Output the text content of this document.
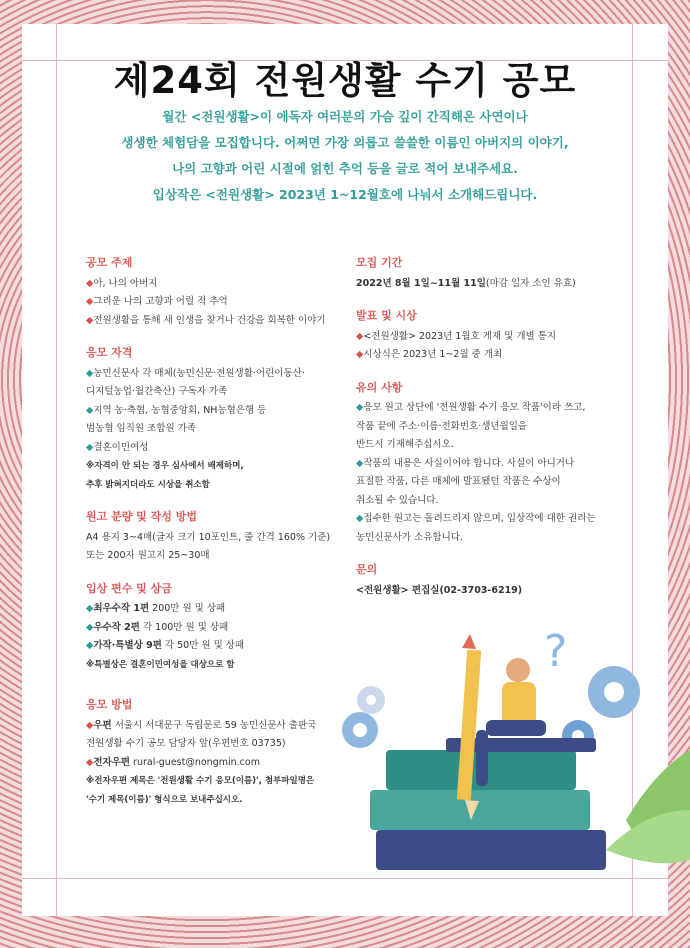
제24회 전원생활 수기 공모
월간 <전원생활>이 애독자 여러분의 가슴 깊이 간직해온 사연이나
생생한 체험담을 모집합니다. 어쩌면 가장 외롭고 쓸쓸한 이름인 아버지의 이야기,
나의 고향과 어린 시절에 얽힌 추억 등을 글로 적어 보내주세요.
입상작은 <전원생활> 2023년 1~12월호에 나눠서 소개해드립니다.
공모 주제
◆아, 나의 아버지
◆그리운 나의 고향과 어릴 적 추억
◆전원생활을 통해 새 인생을 찾거나 건강을 회복한 이야기
응모 자격
◆농민신문사 각 매체(농민신문·전원생활·어린이동산·
디지털농업·월간축산) 구독자 가족
◆지역 농·축협, 농협중앙회, NH농협은행 등
범농협 임직원 조합원 가족
◆결혼이민여성
※자격이 안 되는 경우 심사에서 배제하며,
추후 밝혀지더라도 시상을 취소함
원고 분량 및 작성 방법
A4 용지 3~4매(글자 크기 10포인트, 줄 간격 160% 기준)
또는 200자 원고지 25~30매
입상 편수 및 상금
◆최우수작 1편 200만 원 및 상패
◆우수작 2편 각 100만 원 및 상패
◆가작·특별상 9편 각 50만 원 및 상패
※특별상은 결혼이민여성을 대상으로 함
응모 방법
◆우편 서울시 서대문구 독립문로 59 농민신문사 출판국
전원생활 수기 공모 담당자 앞(우편번호 03735)
◆전자우편 rural-guest@nongmin.com
※전자우편 제목은 '전원생활 수기 응모(이름)', 첨부파일명은
'수기 제목(이름)' 형식으로 보내주십시오.
모집 기간
2022년 8월 1일~11월 11일(마감 일자 소인 유효)
발표 및 시상
◆<전원생활> 2023년 1월호 게재 및 개별 통지
◆시상식은 2023년 1~2월 중 개최
유의 사항
◆응모 원고 상단에 '전원생활 수기 응모 작품'이라 쓰고,
작품 끝에 주소·이름·전화번호·생년월일을
반드시 기재해주십시오.
◆작품의 내용은 사실이어야 합니다. 사실이 아니거나
표절한 작품, 다른 매체에 발표됐던 작품은 수상이
취소될 수 있습니다.
◆접수한 원고는 돌려드리지 않으며, 입상작에 대한 권리는
농민신문사가 소유합니다.
문의
<전원생활> 편집실(02-3703-6219)
?
